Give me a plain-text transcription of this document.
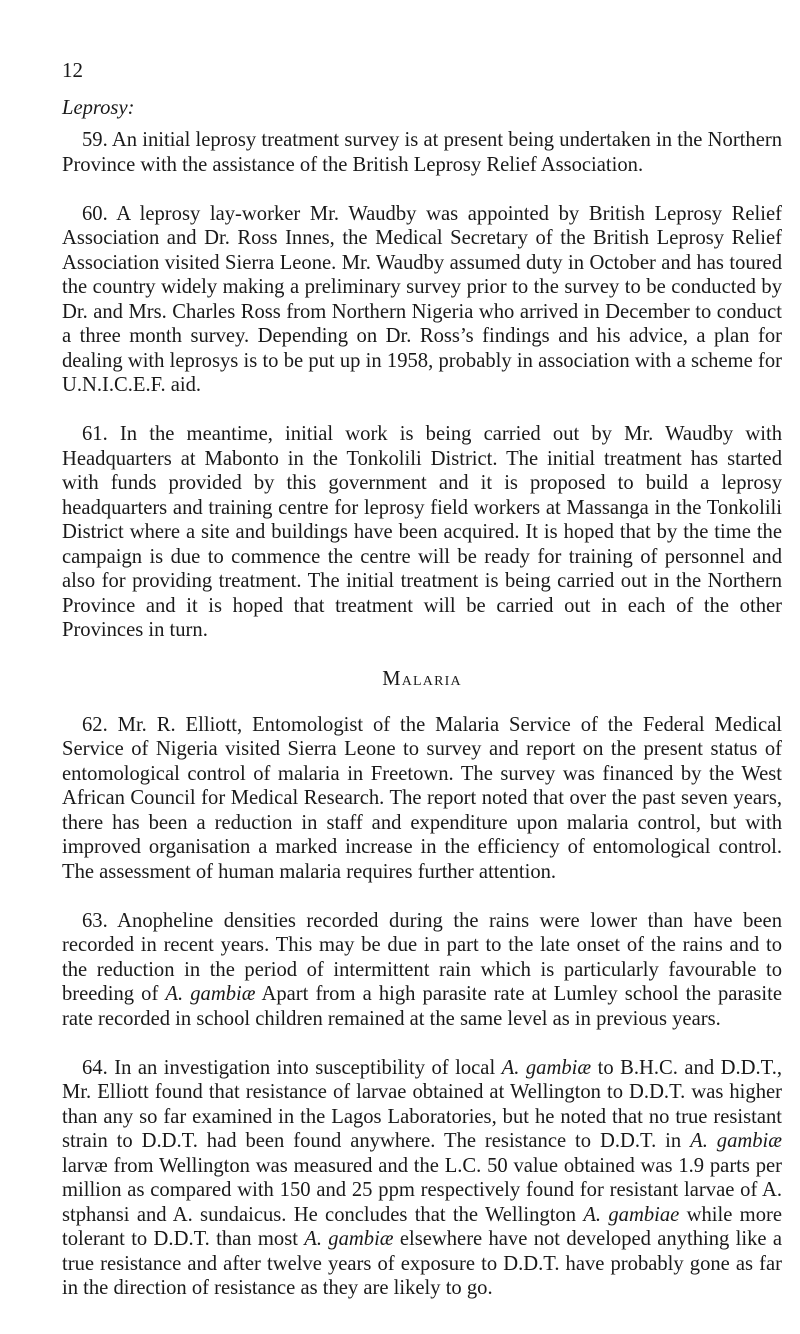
12
Leprosy:

59. An initial leprosy treatment survey is at present being undertaken in the Northern Province with the assistance of the British Leprosy Relief Association.

60. A leprosy lay-worker Mr. Waudby was appointed by British Leprosy Relief Association and Dr. Ross Innes, the Medical Secretary of the British Leprosy Relief Association visited Sierra Leone. Mr. Waudby assumed duty in October and has toured the country widely making a preliminary survey prior to the survey to be conducted by Dr. and Mrs. Charles Ross from Northern Nigeria who arrived in December to conduct a three month survey. Depending on Dr. Ross’s findings and his advice, a plan for dealing with leprosys is to be put up in 1958, probably in association with a scheme for U.N.I.C.E.F. aid.

61. In the meantime, initial work is being carried out by Mr. Waudby with Headquarters at Mabonto in the Tonkolili District. The initial treatment has started with funds provided by this government and it is proposed to build a leprosy headquarters and training centre for leprosy field workers at Massanga in the Tonkolili District where a site and buildings have been acquired. It is hoped that by the time the campaign is due to commence the centre will be ready for training of personnel and also for providing treatment. The initial treatment is being carried out in the Northern Province and it is hoped that treatment will be carried out in each of the other Provinces in turn.

Malaria

62. Mr. R. Elliott, Entomologist of the Malaria Service of the Federal Medical Service of Nigeria visited Sierra Leone to survey and report on the present status of entomological control of malaria in Freetown. The survey was financed by the West African Council for Medical Research. The report noted that over the past seven years, there has been a reduction in staff and expenditure upon malaria control, but with improved organisation a marked increase in the efficiency of entomological control. The assessment of human malaria requires further attention.

63. Anopheline densities recorded during the rains were lower than have been recorded in recent years. This may be due in part to the late onset of the rains and to the reduction in the period of intermittent rain which is particularly favourable to breeding of A. gambiæ Apart from a high parasite rate at Lumley school the parasite rate recorded in school children remained at the same level as in previous years.

64. In an investigation into susceptibility of local A. gambiæ to B.H.C. and D.D.T., Mr. Elliott found that resistance of larvae obtained at Wellington to D.D.T. was higher than any so far examined in the Lagos Laboratories, but he noted that no true resistant strain to D.D.T. had been found anywhere. The resistance to D.D.T. in A. gambiæ larvæ from Wellington was measured and the L.C. 50 value obtained was 1.9 parts per million as compared with 150 and 25 ppm respectively found for resistant larvae of A. stphansi and A. sundaicus. He concludes that the Wellington A. gambiae while more tolerant to D.D.T. than most A. gambiæ elsewhere have not developed anything like a true resistance and after twelve years of exposure to D.D.T. have probably gone as far in the direction of resistance as they are likely to go.
